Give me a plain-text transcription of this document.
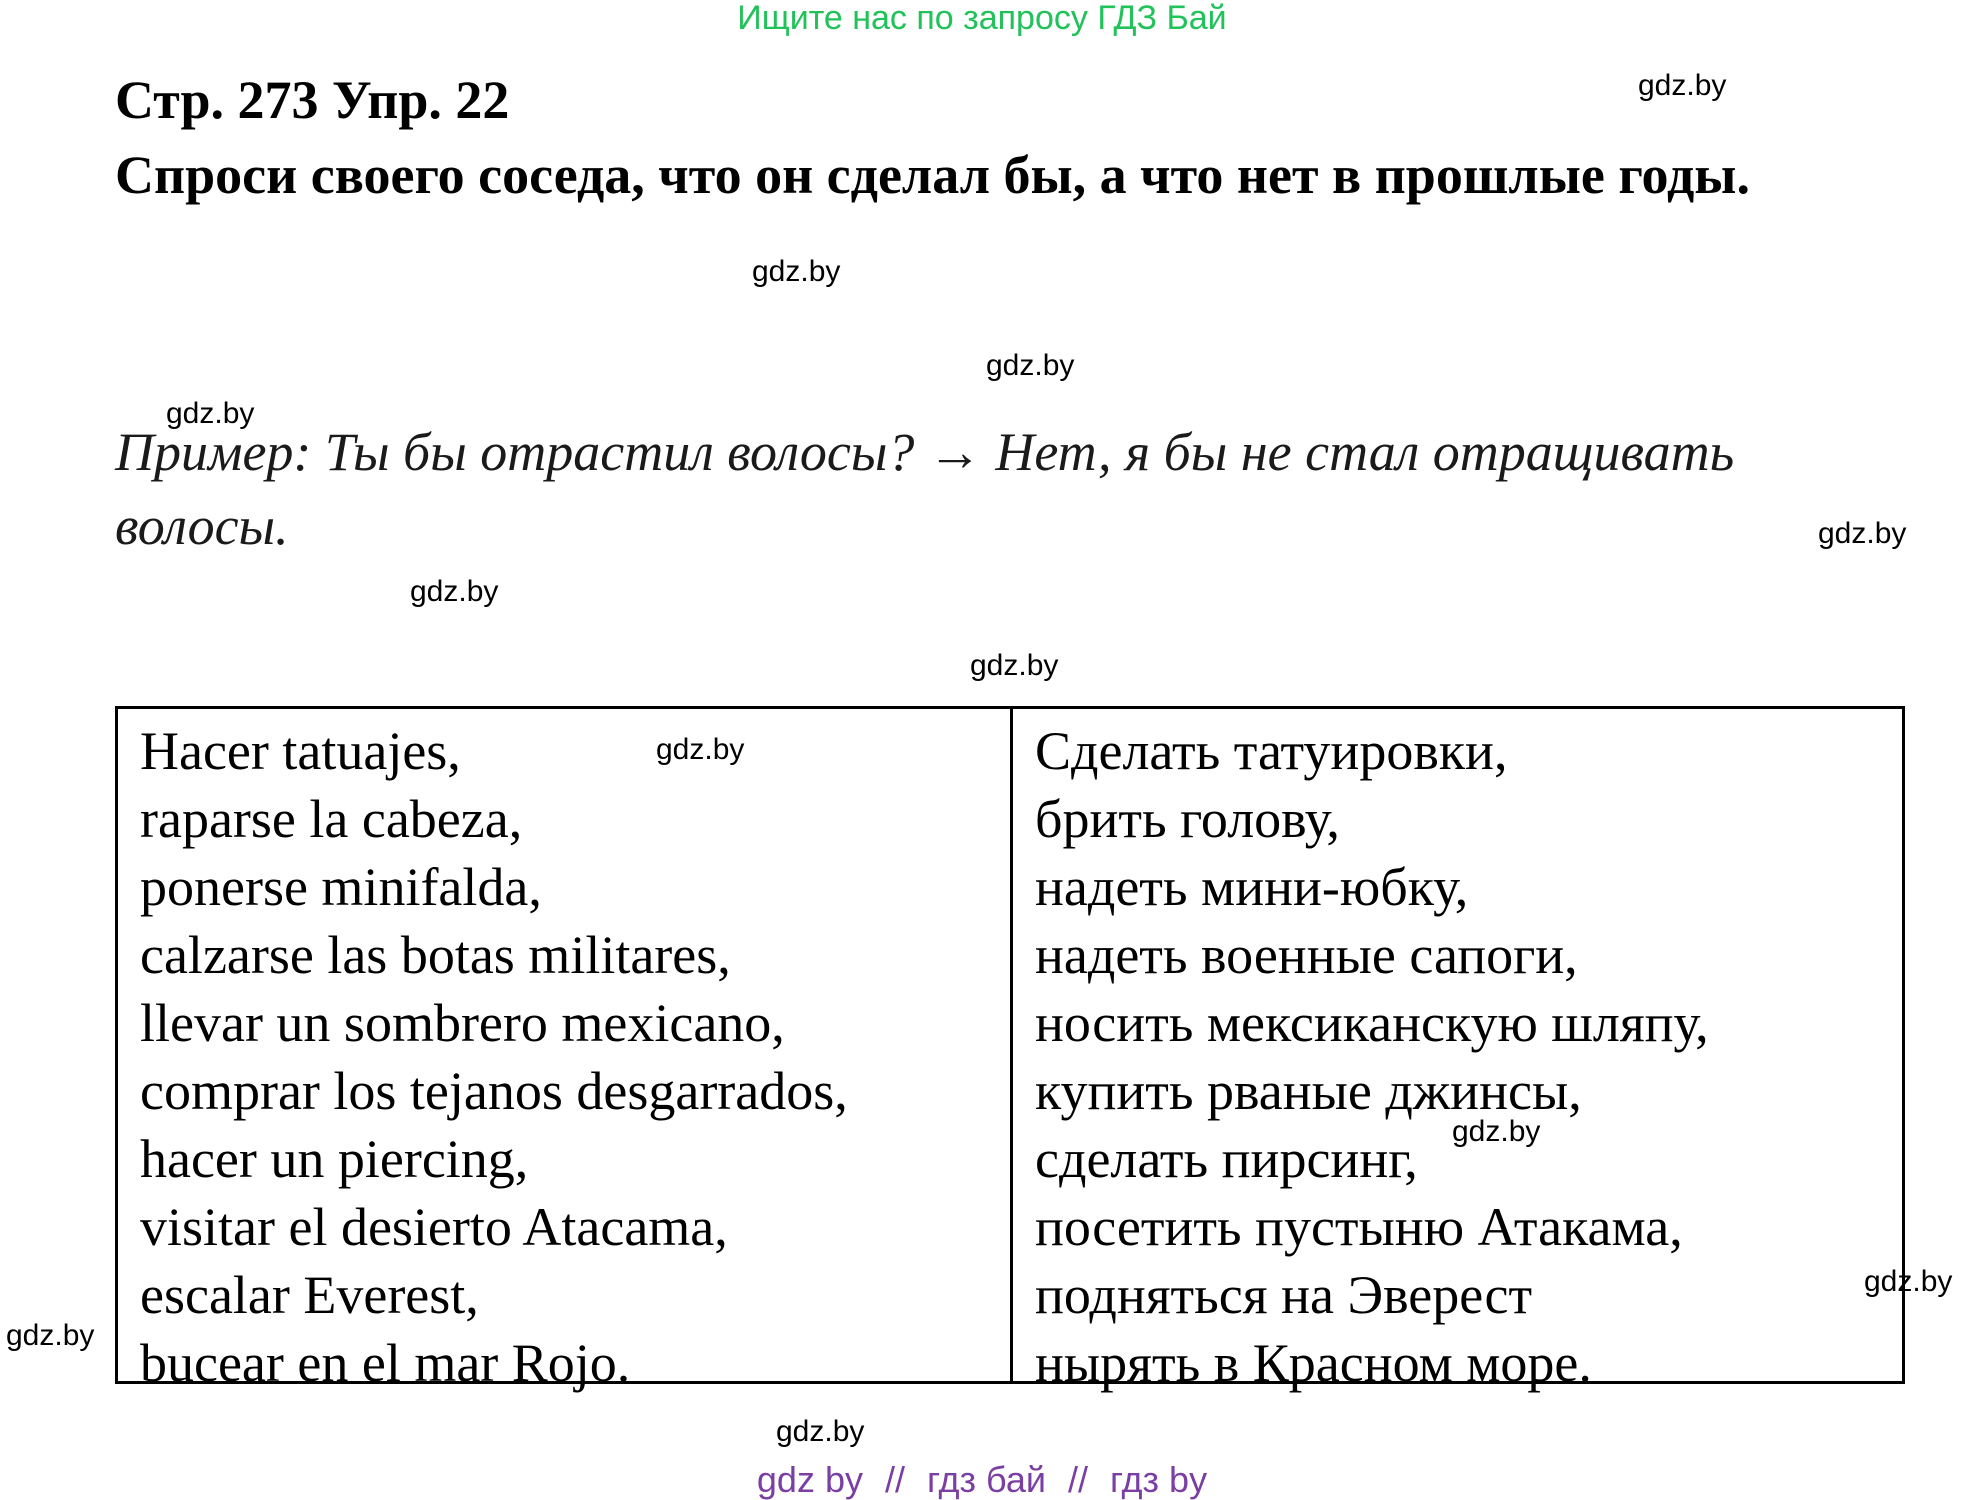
Ищите нас по запросу ГДЗ Бай
Стр. 273 Упр. 22
Спроси своего соседа, что он сделал бы, а что нет в прошлые годы.
Пример: Ты бы отрастил волосы? → Нет, я бы не стал отращивать волосы.
gdz.by
gdz.by
gdz.by
gdz.by
gdz.by
gdz.by
gdz.by
gdz.by
gdz.by
gdz.by
gdz.by
gdz.by
Hacer tatuajes,
raparse la cabeza,
ponerse minifalda,
calzarse las botas militares,
llevar un sombrero mexicano,
comprar los tejanos desgarrados,
hacer un piercing,
visitar el desierto Atacama,
escalar Everest,
bucear en el mar Rojo.
Сделать татуировки,
брить голову,
надеть мини-юбку,
надеть военные сапоги,
носить мексиканскую шляпу,
купить рваные джинсы,
сделать пирсинг,
посетить пустыню Атакама,
подняться на Эверест
нырять в Красном море.
gdz by // гдз бай // гдз by
